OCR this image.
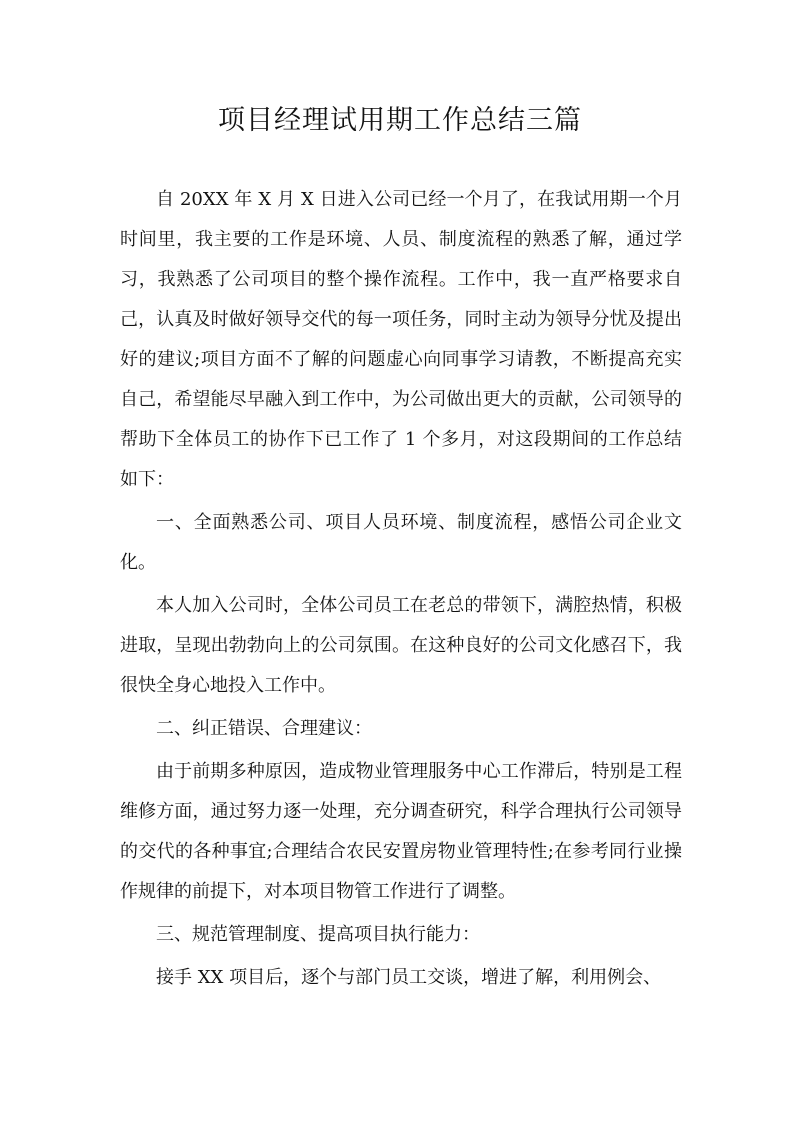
项目经理试用期工作总结三篇

自 20XX 年 X 月 X 日进入公司已经一个月了，在我试用期一个月时间里，我主要的工作是环境、人员、制度流程的熟悉了解，通过学习，我熟悉了公司项目的整个操作流程。工作中，我一直严格要求自己，认真及时做好领导交代的每一项任务，同时主动为领导分忧及提出好的建议;项目方面不了解的问题虚心向同事学习请教，不断提高充实自己，希望能尽早融入到工作中，为公司做出更大的贡献，公司领导的帮助下全体员工的协作下已工作了 1 个多月，对这段期间的工作总结如下：

一、全面熟悉公司、项目人员环境、制度流程，感悟公司企业文化。

本人加入公司时，全体公司员工在老总的带领下，满腔热情，积极进取，呈现出勃勃向上的公司氛围。在这种良好的公司文化感召下，我很快全身心地投入工作中。

二、纠正错误、合理建议：

由于前期多种原因，造成物业管理服务中心工作滞后，特别是工程维修方面，通过努力逐一处理，充分调查研究，科学合理执行公司领导的交代的各种事宜;合理结合农民安置房物业管理特性;在参考同行业操作规律的前提下，对本项目物管工作进行了调整。

三、规范管理制度、提高项目执行能力：

接手 XX 项目后，逐个与部门员工交谈，增进了解，利用例会、
